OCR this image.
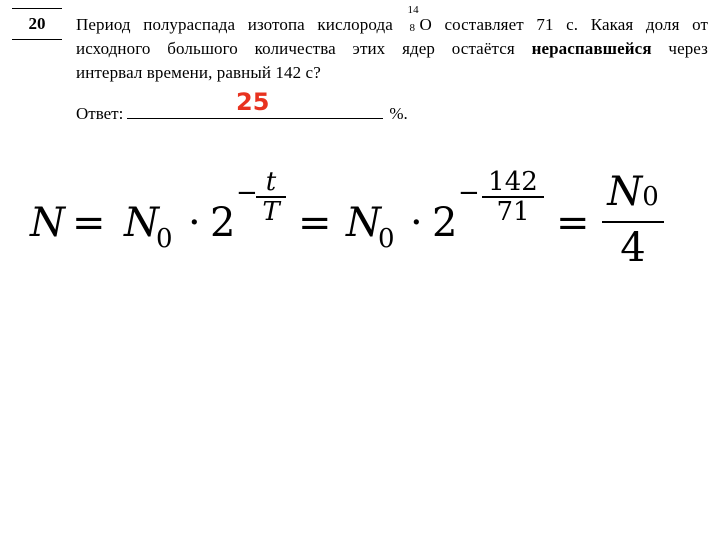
20	Период полураспада изотопа кислорода
14
8 O составляет 71 с. Какая доля от
исходного большого количества этих ядер остаётся нераспавшейся через
интервал времени, равный 142 с?
25
Ответ:	%.
N = N
0 · 2
−
$\frac{t}{T} = N$
0 · 2
− $\frac{142}{71} = \frac{N0}{4}$
